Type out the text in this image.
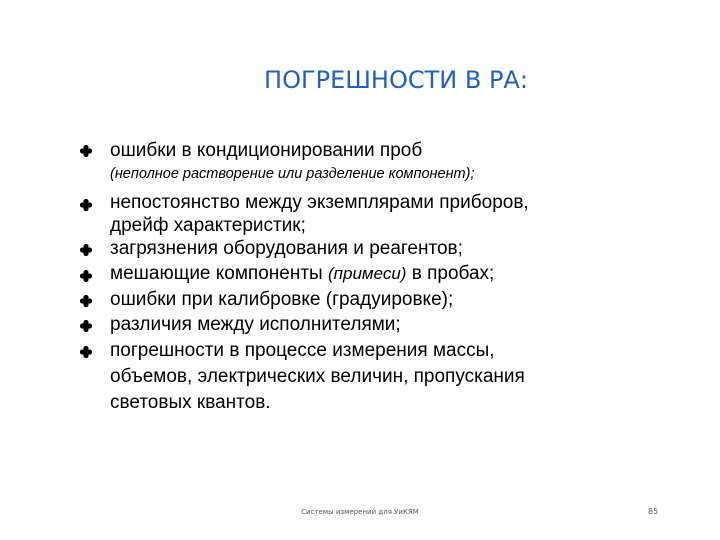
ПОГРЕШНОСТИ В РА:
ошибки в кондиционировании проб
(неполное растворение или разделение компонент);
непостоянство между экземплярами приборов,
дрейф характеристик;
загрязнения оборудования и реагентов;
мешающие компоненты (примеси) в пробах;
ошибки при калибровке (градуировке);
различия между исполнителями;
погрешности в процессе измерения массы,
объемов, электрических величин, пропускания
световых квантов.
Системы измерений для УиКЯМ	85
